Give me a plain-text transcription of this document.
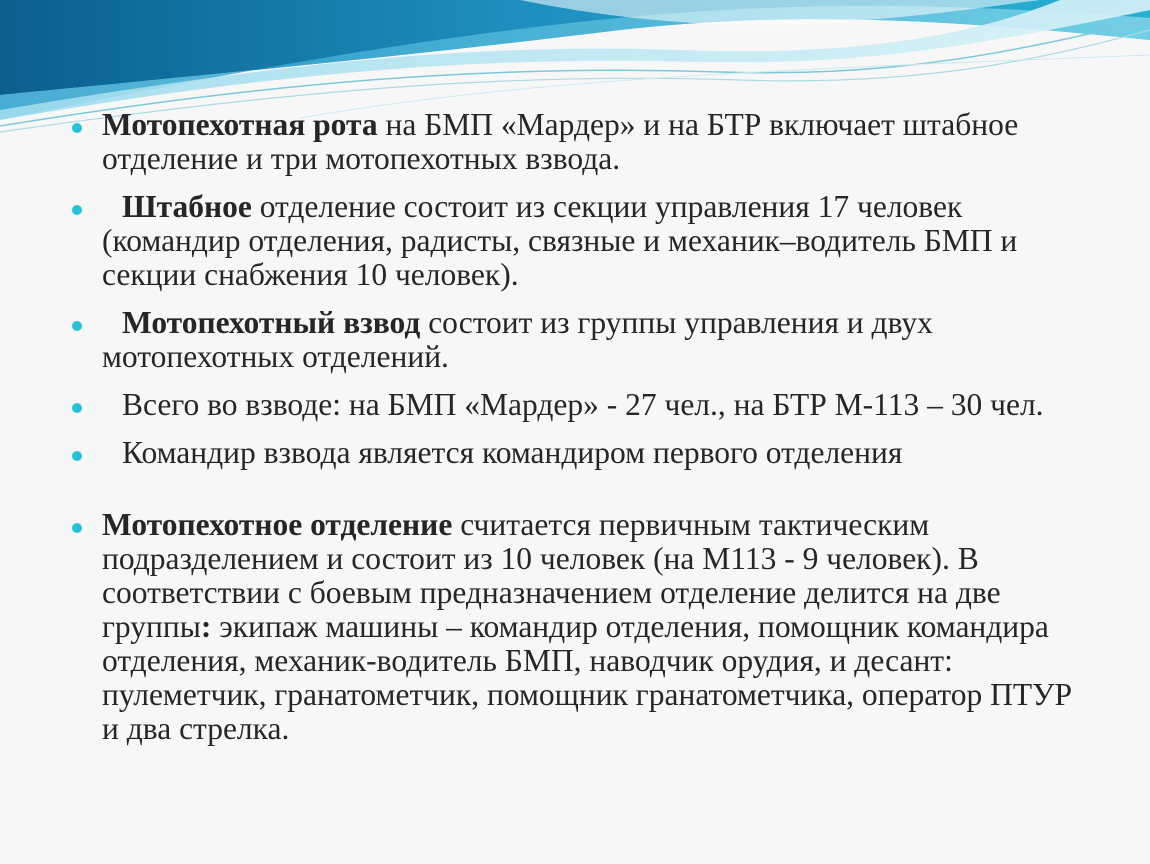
Мотопехотная рота на БМП «Мардер» и на БТР включает штабное отделение и три мотопехотных взвода.
Штабное отделение состоит из секции управления 17 человек (командир отделения, радисты, связные и механик–водитель БМП и секции снабжения 10 человек).
Мотопехотный взвод состоит из группы управления и двух мотопехотных отделений.
Всего во взводе: на БМП «Мардер» - 27 чел., на БТР М-113 – 30 чел.
Командир взвода является командиром первого отделения
Мотопехотное отделение считается первичным тактическим подразделением и состоит из 10 человек (на М113 - 9 человек). В соответствии с боевым предназначением отделение делится на две группы: экипаж машины – командир отделения, помощник командира отделения, механик-водитель БМП, наводчик орудия, и десант: пулеметчик, гранатометчик, помощник гранатометчика, оператор ПТУР и два стрелка.
